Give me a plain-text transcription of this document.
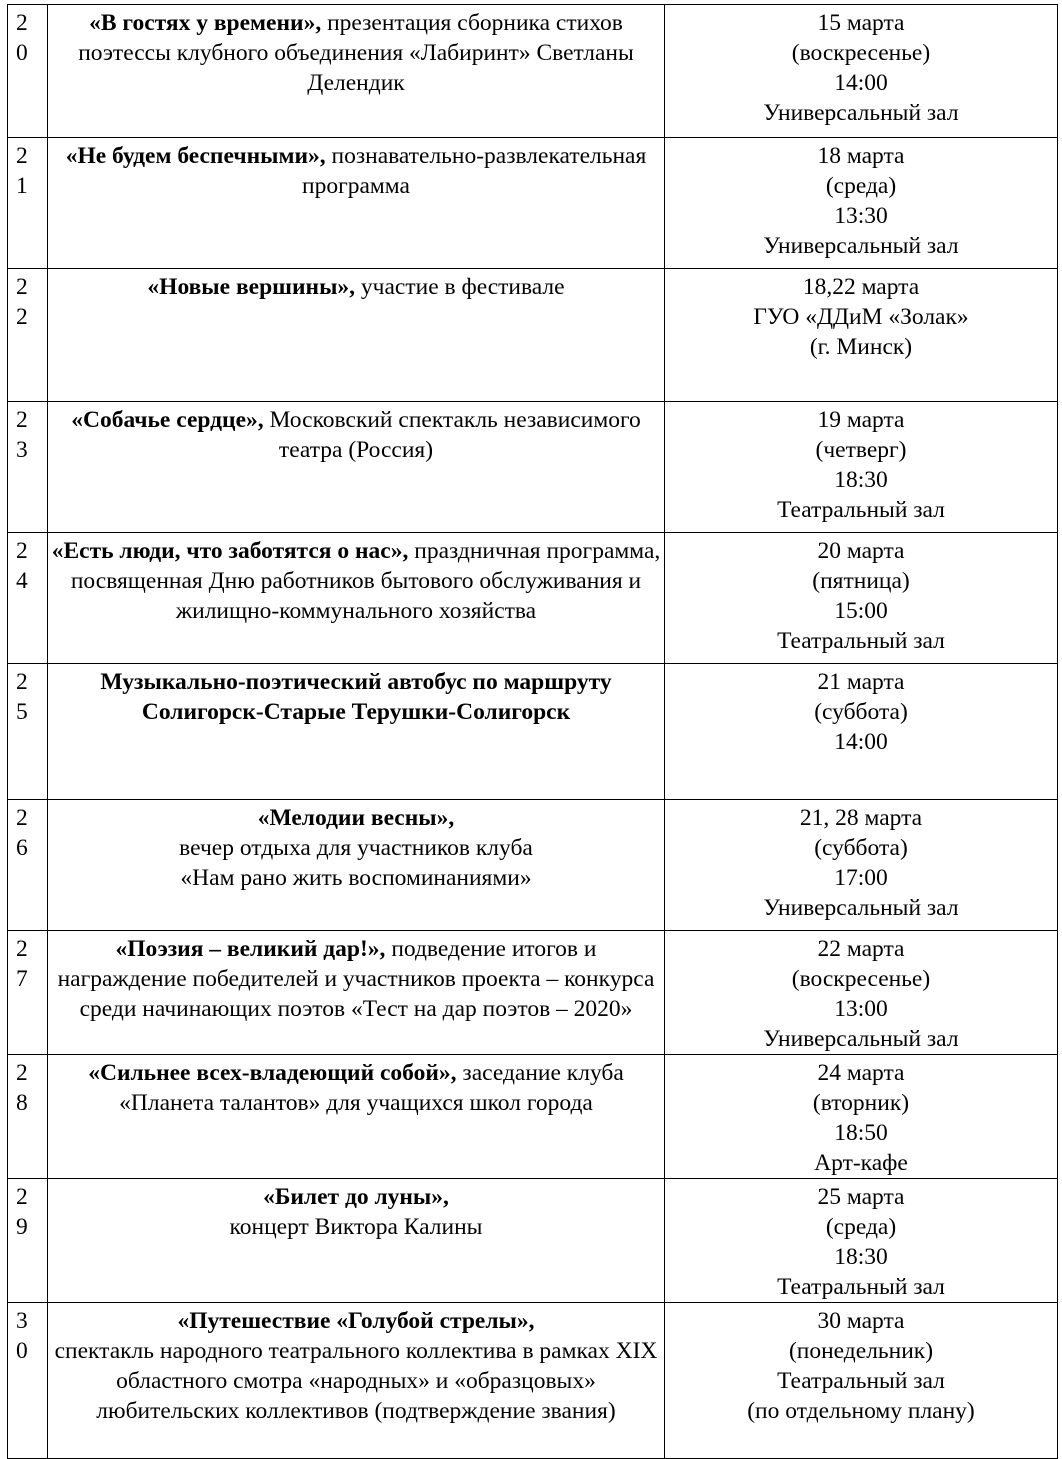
20	«В гостях у времени», презентация сборника стихов поэтессы клубного объединения «Лабиринт» Светланы Делендик	15 марта
(воскресенье)
14:00
Универсальный зал

21	«Не будем беспечными», познавательно-развлекательная программа	18 марта
(среда)
13:30
Универсальный зал

22	«Новые вершины», участие в фестивале	18,22 марта
ГУО «ДДиМ «Золак»
(г. Минск)

23	«Собачье сердце», Московский спектакль независимого театра (Россия)	19 марта
(четверг)
18:30
Театральный зал

24	«Есть люди, что заботятся о нас», праздничная программа, посвященная Дню работников бытового обслуживания и жилищно-коммунального хозяйства	20 марта
(пятница)
15:00
Театральный зал

25	Музыкально-поэтический автобус по маршруту Солигорск-Старые Терушки-Солигорск	21 марта
(суббота)
14:00

26	«Мелодии весны»,
вечер отдыха для участников клуба
«Нам рано жить воспоминаниями»	21, 28 марта
(суббота)
17:00
Универсальный зал

27	«Поэзия – великий дар!», подведение итогов и награждение победителей и участников проекта – конкурса среди начинающих поэтов «Тест на дар поэтов – 2020»	22 марта
(воскресенье)
13:00
Универсальный зал

28	«Сильнее всех-владеющий собой», заседание клуба «Планета талантов» для учащихся школ города	24 марта
(вторник)
18:50
Арт-кафе

29	«Билет до луны»,
концерт Виктора Калины	25 марта
(среда)
18:30
Театральный зал

30	«Путешествие «Голубой стрелы»,
спектакль народного театрального коллектива в рамках XIX областного смотра «народных» и «образцовых» любительских коллективов (подтверждение звания)	30 марта
(понедельник)
Театральный зал
(по отдельному плану)
